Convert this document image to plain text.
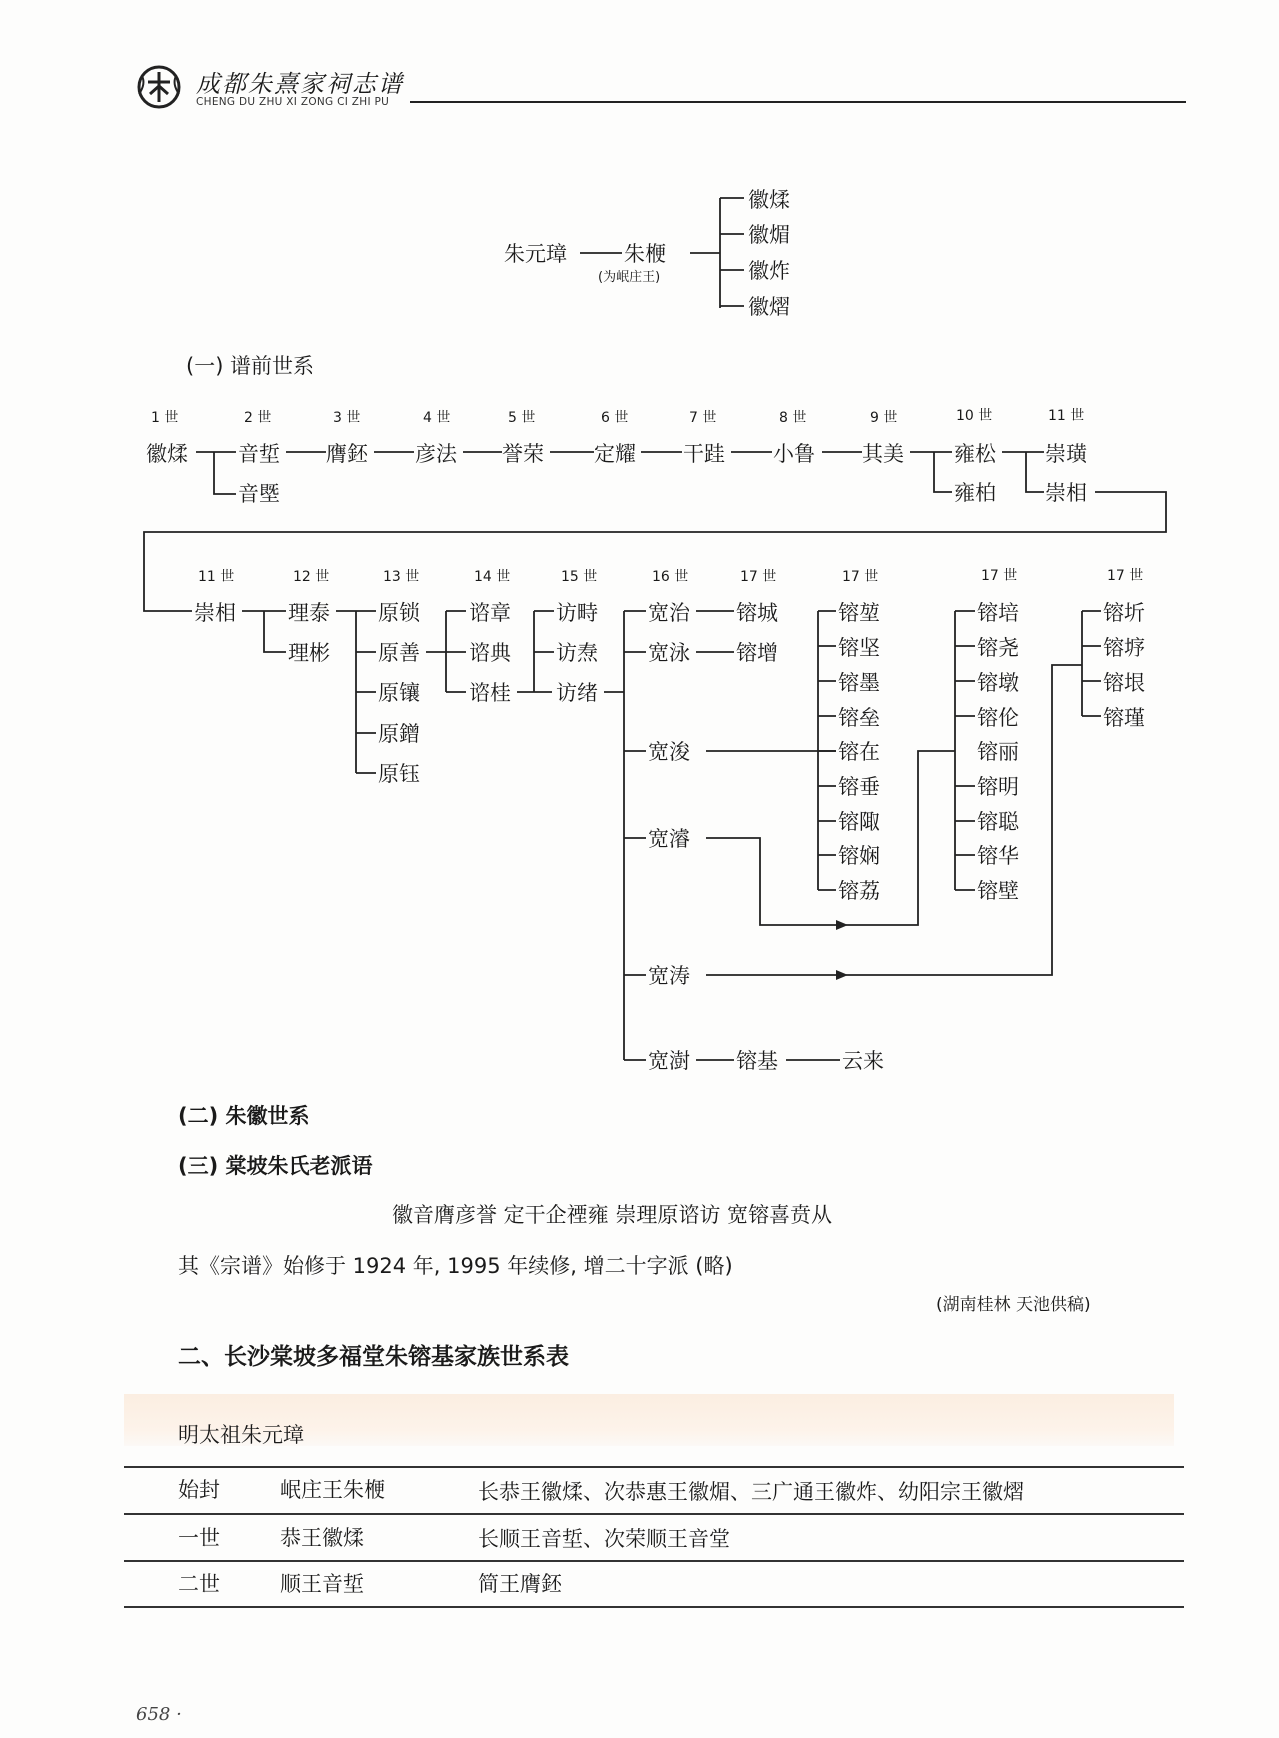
成都朱熹家祠志谱
CHENG DU ZHU XI ZONG CI ZHI PU
朱元璋	朱楩
(为岷庄王)
徽煣
徽煝
徽炸
徽熠
(一) 谱前世系
1 世	2 世	3 世	4 世	5 世	6 世	7 世	8 世	9 世	10 世	11 世
徽煣 音埑
音塈
膺鉟 彦法 誉荣 定耀 干跬 小鲁 其美 雍松
雍柏
崇璜
崇相
11 世	12 世	13 世	14 世	15 世	16 世	17 世	17 世	17 世	17 世
崇相 理泰
理彬
原锁
原善
原镶
原鏳
原钰
谘章
谘典
谘桂
访畤
访焘
访绪
宽治
宽泳
宽浚
宽濬
宽涛
宽澍
镕城
镕增
镕堃
镕坚
镕墨
镕垒
镕在
镕垂
镕陬
镕娴
镕荔
镕培
镕尧
镕墩
镕伦
镕丽
镕明
镕聪
镕华
镕壁
镕圻
镕垿
镕垠
镕瑾
镕基	云来
(二) 朱徽世系
(三) 棠坡朱氏老派语
徽音膺彦誉 定干企禋雍 崇理原谘访 宽镕喜贲从
其《宗谱》始修于 1924 年, 1995 年续修, 增二十字派 (略)
(湖南桂林 天池供稿)
二、长沙棠坡多福堂朱镕基家族世系表
明太祖朱元璋
始封	岷庄王朱楩	长恭王徽煣、次恭惠王徽煝、三广通王徽炸、幼阳宗王徽熠
一世	恭王徽煣	长顺王音埑、次荣顺王音堂
二世	顺王音埑	简王膺鉟
658 ·
